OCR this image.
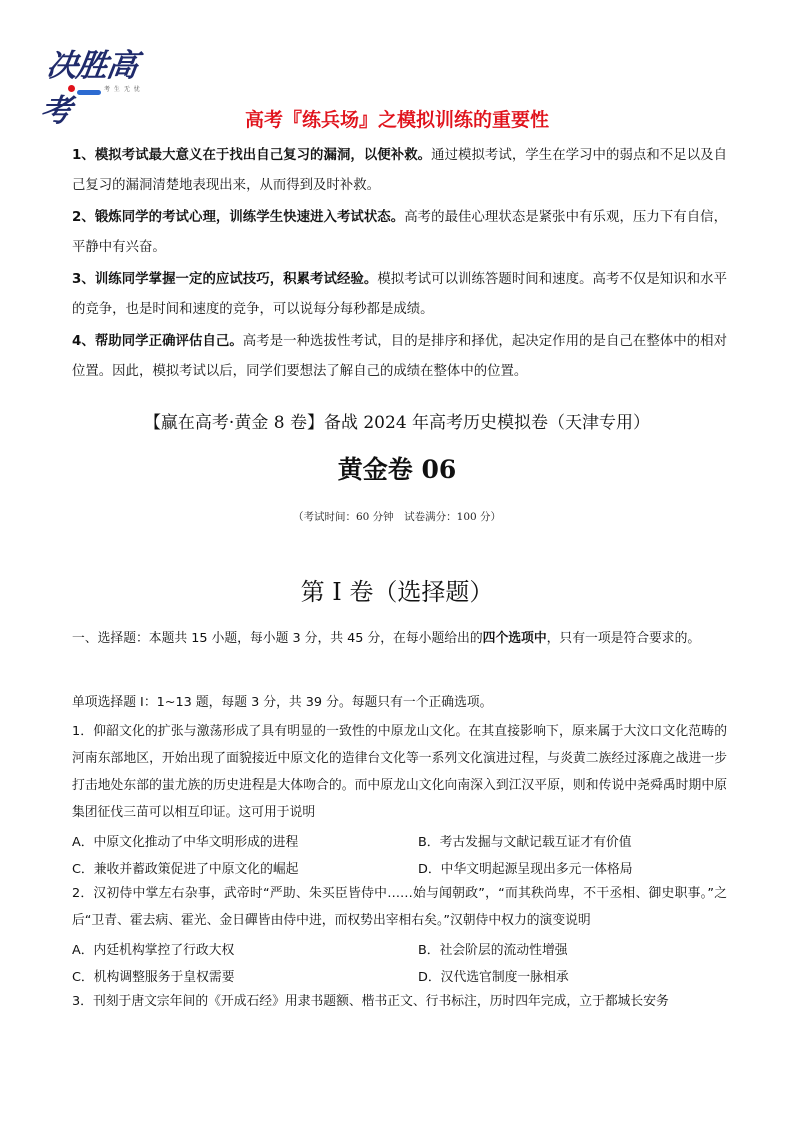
决胜高考
考 生 无 忧
高考『练兵场』之模拟训练的重要性
1、模拟考试最大意义在于找出自己复习的漏洞，以便补救。通过模拟考试，学生在学习中的弱点和不足以及自己复习的漏洞清楚地表现出来，从而得到及时补救。
2、锻炼同学的考试心理，训练学生快速进入考试状态。高考的最佳心理状态是紧张中有乐观，压力下有自信，平静中有兴奋。
3、训练同学掌握一定的应试技巧，积累考试经验。模拟考试可以训练答题时间和速度。高考不仅是知识和水平的竞争，也是时间和速度的竞争，可以说每分每秒都是成绩。
4、帮助同学正确评估自己。高考是一种选拔性考试，目的是排序和择优，起决定作用的是自己在整体中的相对位置。因此，模拟考试以后，同学们要想法了解自己的成绩在整体中的位置。
【赢在高考·黄金 8 卷】备战 2024 年高考历史模拟卷（天津专用）
黄金卷 06
（考试时间：60 分钟　试卷满分：100 分）
第 I 卷（选择题）
一、选择题：本题共 15 小题，每小题 3 分，共 45 分，在每小题给出的四个选项中，只有一项是符合要求的。
单项选择题 I：1~13 题，每题 3 分，共 39 分。每题只有一个正确选项。
1．仰韶文化的扩张与激荡形成了具有明显的一致性的中原龙山文化。在其直接影响下，原来属于大汶口文化范畴的河南东部地区，开始出现了面貌接近中原文化的造律台文化等一系列文化演进过程，与炎黄二族经过涿鹿之战进一步打击地处东部的蚩尤族的历史进程是大体吻合的。而中原龙山文化向南深入到江汉平原，则和传说中尧舜禹时期中原集团征伐三苗可以相互印证。这可用于说明
A．中原文化推动了中华文明形成的进程	B．考古发掘与文献记载互证才有价值
C．兼收并蓄政策促进了中原文化的崛起	D．中华文明起源呈现出多元一体格局
2．汉初侍中掌左右杂事，武帝时“严助、朱买臣皆侍中……始与闻朝政”，“而其秩尚卑，不干丞相、御史职事。”之后“卫青、霍去病、霍光、金日磾皆由侍中进，而权势出宰相右矣。”汉朝侍中权力的演变说明
A．内廷机构掌控了行政大权	B．社会阶层的流动性增强
C．机构调整服务于皇权需要	D．汉代选官制度一脉相承
3．刊刻于唐文宗年间的《开成石经》用隶书题额、楷书正文、行书标注，历时四年完成，立于都城长安务
